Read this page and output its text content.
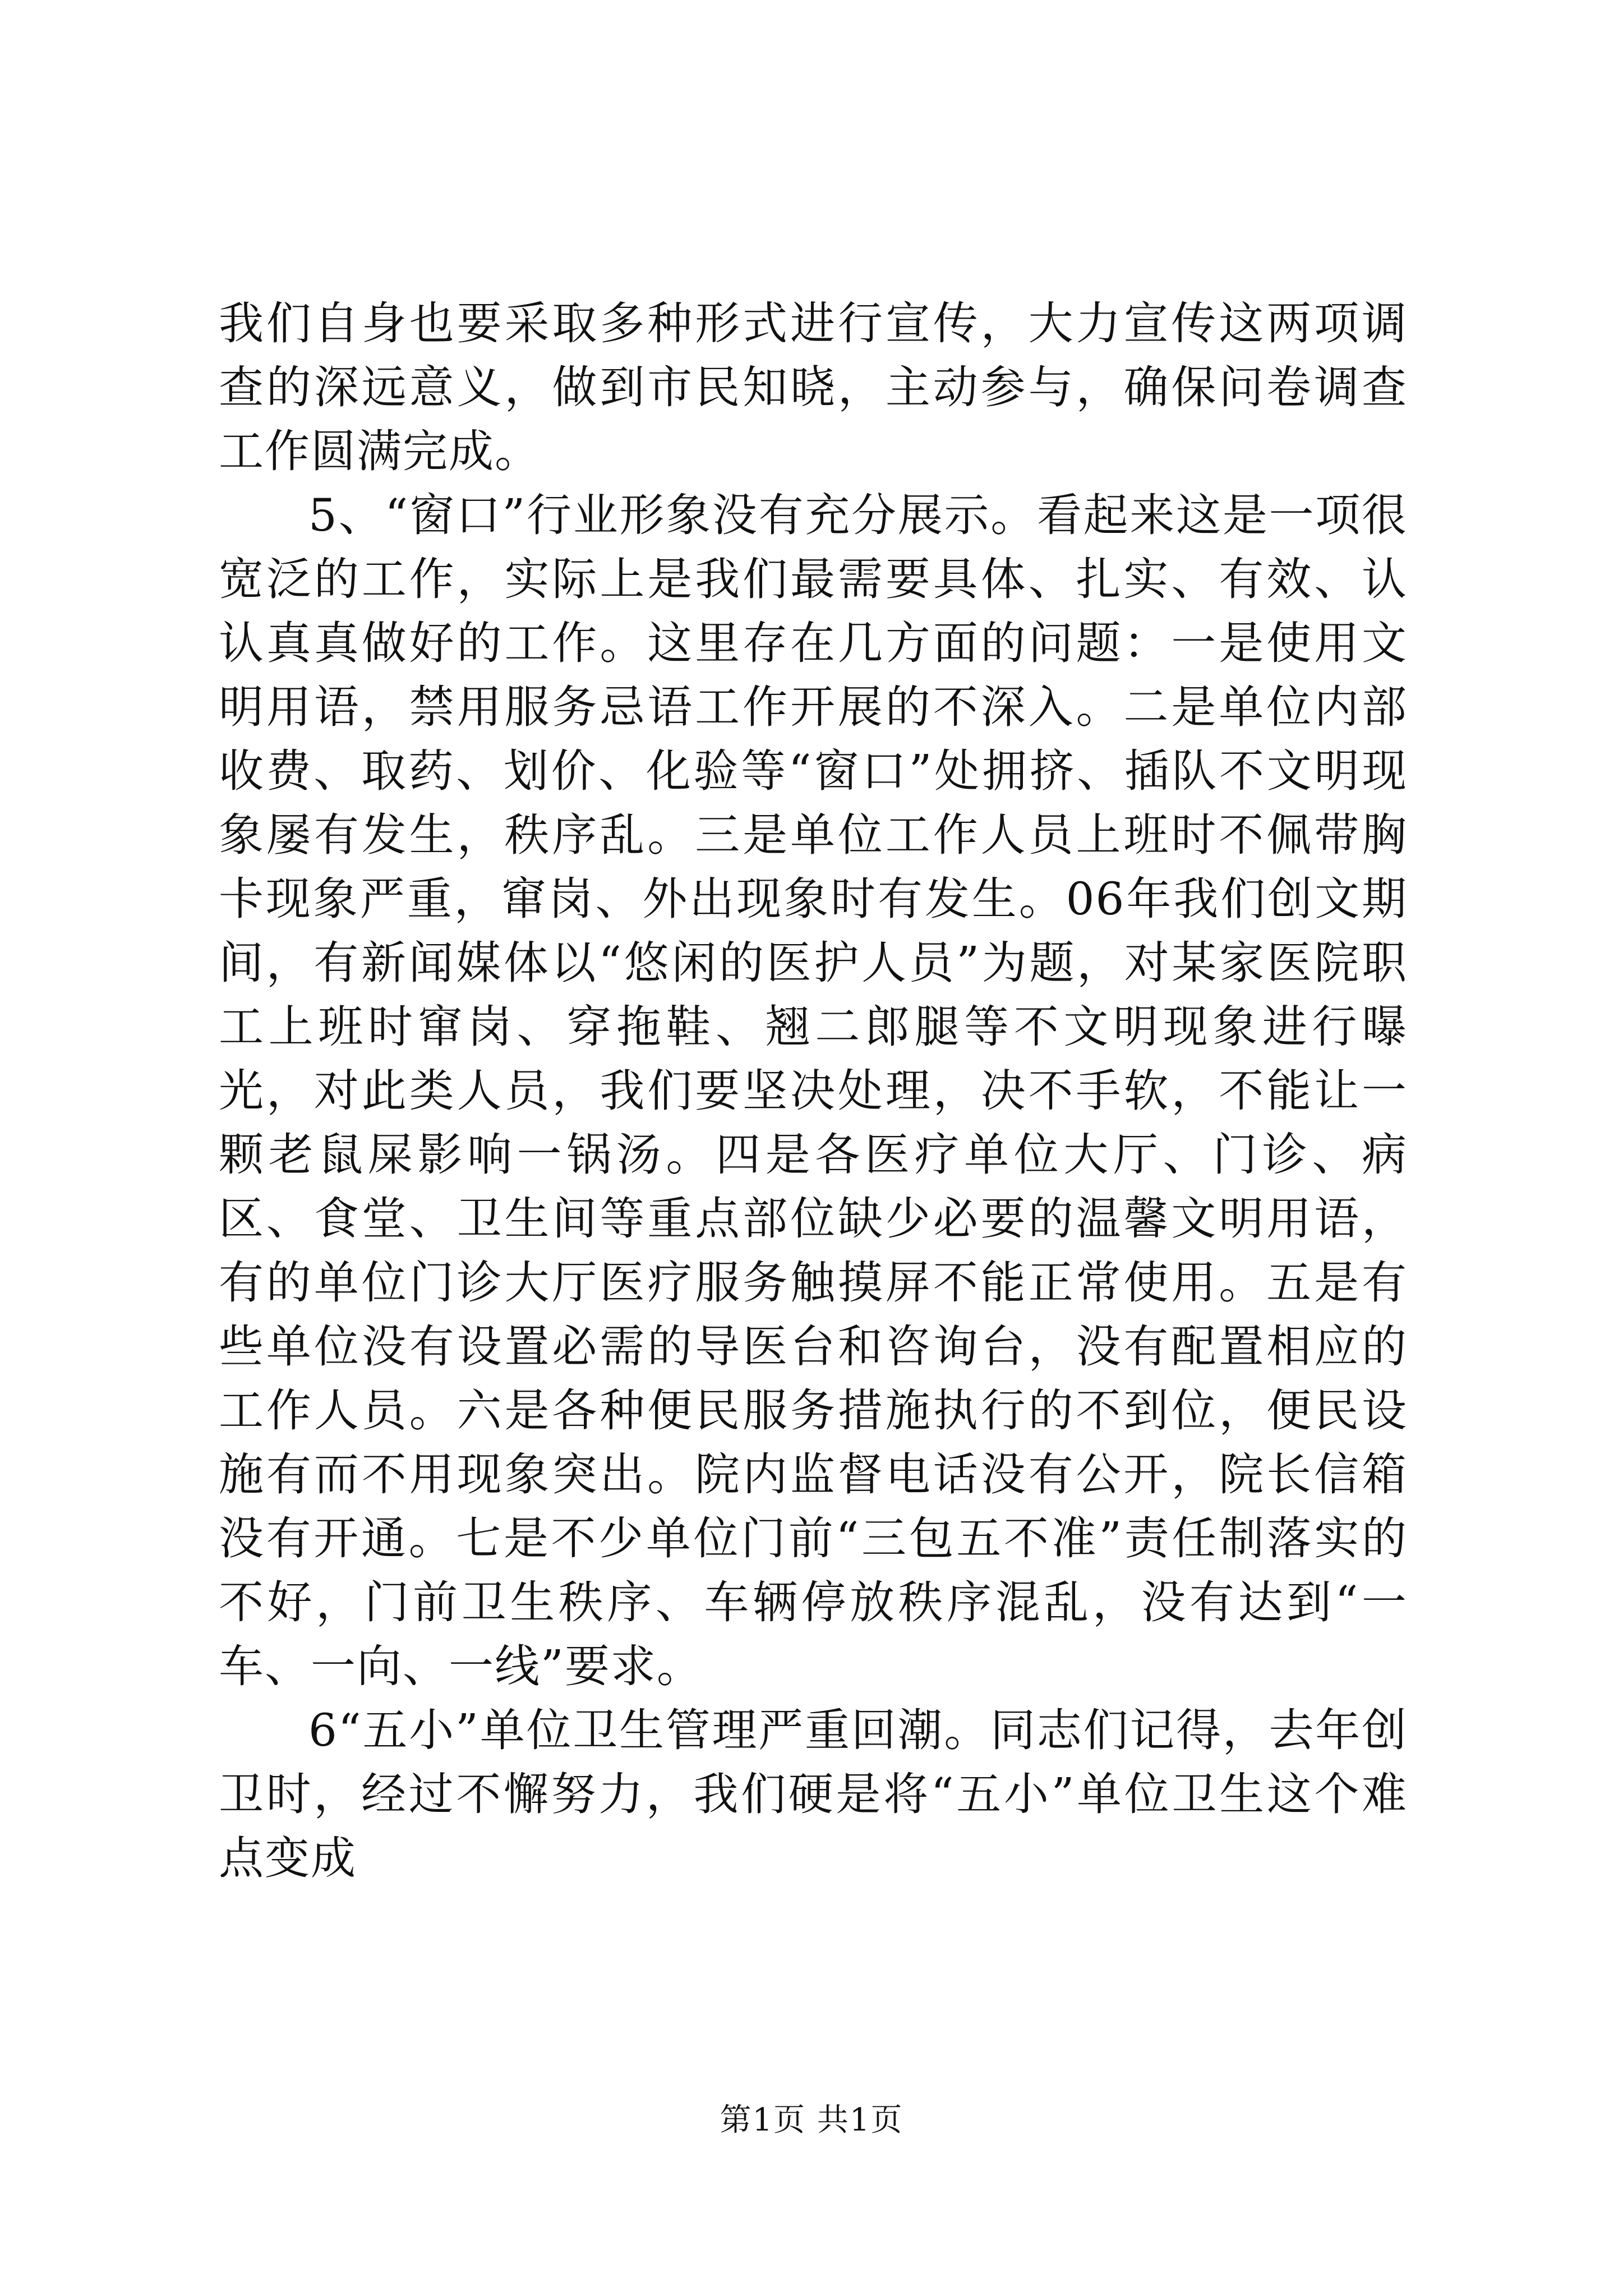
我们自身也要采取多种形式进行宣传，大力宣传这两项调查的深远意义，做到市民知晓，主动参与，确保问卷调查工作圆满完成。

5、“窗口”行业形象没有充分展示。看起来这是一项很宽泛的工作，实际上是我们最需要具体、扎实、有效、认认真真做好的工作。这里存在几方面的问题：一是使用文明用语，禁用服务忌语工作开展的不深入。二是单位内部收费、取药、划价、化验等“窗口”处拥挤、插队不文明现象屡有发生，秩序乱。三是单位工作人员上班时不佩带胸卡现象严重，窜岗、外出现象时有发生。06年我们创文期间，有新闻媒体以“悠闲的医护人员”为题，对某家医院职工上班时窜岗、穿拖鞋、翘二郎腿等不文明现象进行曝光，对此类人员，我们要坚决处理，决不手软，不能让一颗老鼠屎影响一锅汤。四是各医疗单位大厅、门诊、病区、食堂、卫生间等重点部位缺少必要的温馨文明用语，有的单位门诊大厅医疗服务触摸屏不能正常使用。五是有些单位没有设置必需的导医台和咨询台，没有配置相应的工作人员。六是各种便民服务措施执行的不到位，便民设施有而不用现象突出。院内监督电话没有公开，院长信箱没有开通。七是不少单位门前“三包五不准”责任制落实的不好，门前卫生秩序、车辆停放秩序混乱，没有达到“一车、一向、一线”要求。

6“五小”单位卫生管理严重回潮。同志们记得，去年创卫时，经过不懈努力，我们硬是将“五小”单位卫生这个难点变成

第1页 共1页
